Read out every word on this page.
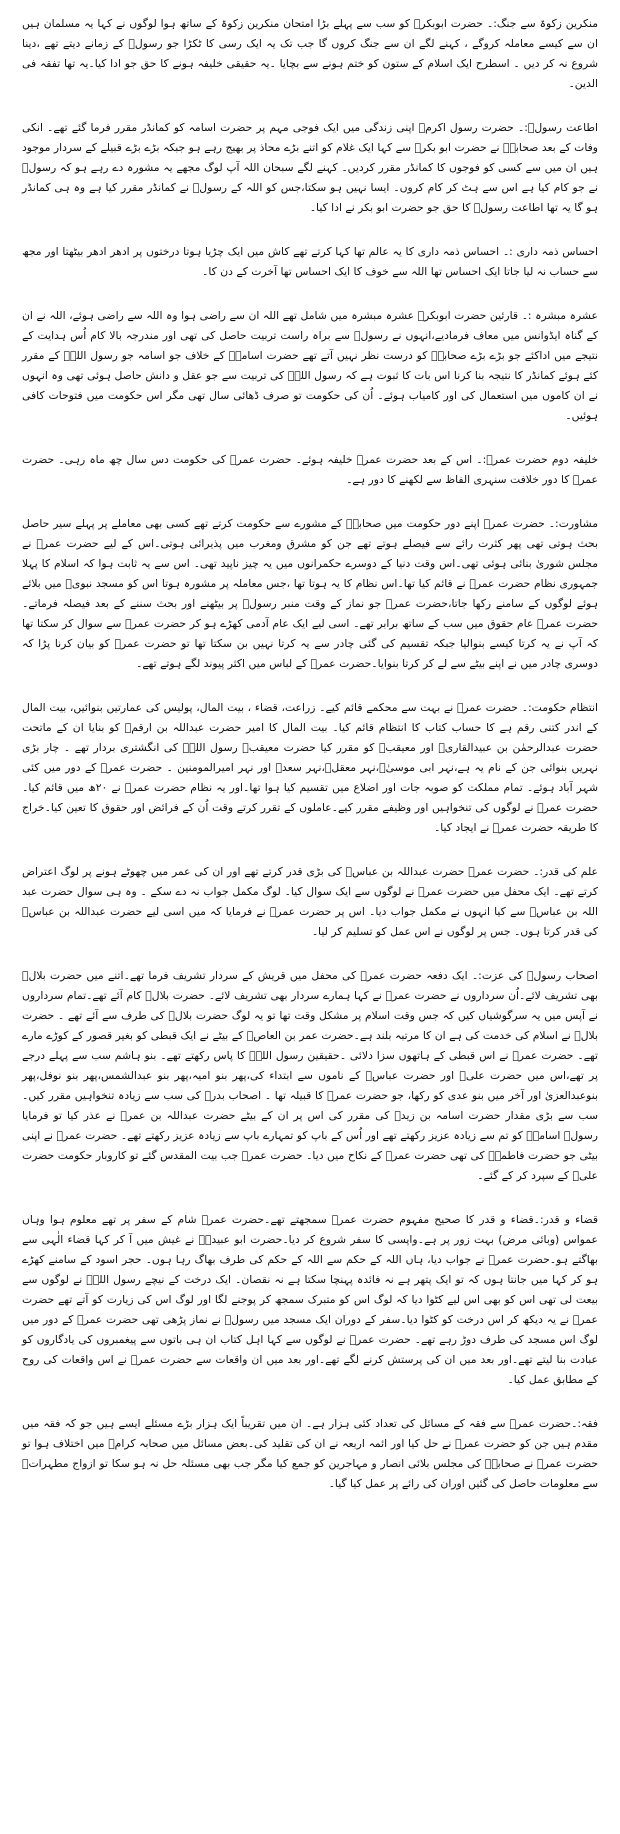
منکرین زکوۃ سے جنگ:۔ حضرت ابوبکرؓ کو سب سے پہلے بڑا امتحان منکرین زکوۃ کے ساتھ ہوا لوگوں نے کہا یہ مسلمان ہیں ان سے کیسے معاملہ کروگے ، کہنے لگے ان سے جنگ کروں گا جب تک یہ ایک رسی کا ٹکڑا جو رسولؐ کے زمانے دیتے تھے ،دینا شروع نہ کر دیں ۔ اسطرح ایک اسلام کے ستون کو ختم ہونے سے بچایا ۔یہ حقیقی خلیفہ ہونے کا حق جو ادا کیا۔یہ تھا تفقہ فی الدین۔

اطاعت رسولؐ:۔ حضرت رسول اکرمؐ اپنی زندگی میں ایک فوجی مہم پر حضرت اسامہ کو کمانڈر مقرر فرما گئے تھے۔ انکی وفات کے بعد صحابہؓ نے حضرت ابو بکرؓ سے کہا ایک غلام کو اتنے بڑے محاذ پر بھیج رہے ہو جبکہ بڑے بڑے قبیلے کے سردار موجود ہیں ان میں سے کسی کو فوجوں کا کمانڈر مقرر کردیں۔ کہنے لگے سبحان اللہ آپ لوگ مجھے یہ مشورہ دے رہے ہو کہ رسولؐ نے جو کام کیا ہے اس سے ہٹ کر کام کروں۔ ایسا نہیں ہو سکتا،جس کو اللہ کے رسولؐ نے کمانڈر مقرر کیا ہے وہ ہی کمانڈر ہو گا یہ تھا اطاعت رسولؐ کا حق جو حضرت ابو بکر نے ادا کیا۔

احساس ذمہ داری :۔ احساس ذمہ داری کا یہ عالم تھا کہا کرتے تھے کاش میں ایک چڑیا ہوتا درختوں پر ادھر ادھر بیٹھتا اور مجھ سے حساب نہ لیا جاتا ایک احساس تھا اللہ سے خوف کا ایک احساس تھا آخرت کے دن کا۔

عشرہ مبشرہ :۔ قارئین حضرت ابوبکرؓ عشرہ مبشرہ میں شامل تھے اللہ ان سے راضی ہوا وہ اللہ سے راضی ہوئے، اللہ نے ان کے گناہ ایڈوانس میں معاف فرمادیے،انہوں نے رسولؐ سے براہ راست تربیت حاصل کی تھی اور مندرجہ بالا کام اُس ہدایت کے نتیجے میں اداکئے جو بڑے بڑے صحابہؓ کو درست نظر نہیں آتے تھے حضرت اسامہؓ کے خلاف جو اسامہ جو رسول اللہؐ کے مقرر کئے ہوئے کمانڈر کا نتیجہ بنا کرنا اس بات کا ثبوت ہے کہ رسول اللہؐ کی تربیت سے جو عقل و دانش حاصل ہوئی تھی وہ انہوں نے ان کاموں میں استعمال کی اور کامیاب ہوئے۔ اُن کی حکومت تو صرف ڈھائی سال تھی مگر اس حکومت میں فتوحات کافی ہوئیں۔

خلیفہ دوم حضرت عمرؓ:۔ اس کے بعد حضرت عمرؓ خلیفہ ہوئے۔ حضرت عمرؓ کی حکومت دس سال چھ ماہ رہی۔ حضرت عمرؓ کا دور خلافت سنہری الفاظ سے لکھنے کا دور ہے۔

مشاورت:۔ حضرت عمرؓ اپنے دور حکومت میں صحابہؓ کے مشورے سے حکومت کرتے تھے کسی بھی معاملے پر پہلے سیر حاصل بحث ہوتی تھی پھر کثرت رائے سے فیصلے ہوتے تھے جن کو مشرق ومغرب میں پذیرائی ہوتی۔اس کے لیے حضرت عمرؓ نے مجلس شوریٰ بنائی ہوئی تھی۔اس وقت دنیا کے دوسرے حکمرانوں میں یہ چیز ناپید تھی۔ اس سے یہ ثابت ہوا کہ اسلام کا پہلا جمہوری نظام حضرت عمرؓ نے قائم کیا تھا۔اس نظام کا یہ ہوتا تھا ،جس معاملہ پر مشورہ ہوتا اس کو مسجد نبویؐ میں بلائے ہوئے لوگوں کے سامنے رکھا جاتا،حضرت عمرؓ جو نماز کے وقت منبر رسولؐ پر بیٹھنے اور بحث سننے کے بعد فیصلہ فرماتے۔ حضرت عمرؓ عام حقوق میں سب کے ساتھ برابر تھے۔ اسی لیے ایک عام آدمی کھڑے ہو کر حضرت عمرؓ سے سوال کر سکتا تھا کہ آپ نے یہ کرتا کیسے بنوالیا جبکہ تقسیم کی گئی چادر سے یہ کرتا نہیں بن سکتا تھا تو حضرت عمرؓ کو بیان کرنا پڑا کہ دوسری چادر میں نے اپنے بیٹے سے لے کر کرتا بنوایا۔حضرت عمرؓ کے لباس میں اکثر پیوند لگے ہوتے تھے۔

انتظام حکومت:۔ حضرت عمرؓ نے بہت سے محکمے قائم کیے۔ زراعت، قضاء ، بیت المال، پولیس کی عمارتیں بنوائیں، بیت المال کے اندر کتنی رقم ہے کا حساب کتاب کا انتظام قائم کیا۔ بیت المال کا امیر حضرت عبداللہ بن ارقمؓ کو بنایا ان کے ماتحت حضرت عبدالرحمٰن بن عبیدالقاریؓ اور معیقبؓ کو مقرر کیا حضرت معیقبؓ رسول اللہؐ کی انگشتری بردار تھے ۔ چار بڑی نہریں بنوائی جن کے نام یہ ہے،نہر ابی موسیٰؓ،نہر معقلؓ،نہر سعدؓ اور نہر امیرالمومنین ۔ حضرت عمرؓ کے دور میں کئی شہر آباد ہوئے۔ تمام مملکت کو صوبہ جات اور اضلاع میں تقسیم کیا ہوا تھا۔اور یہ نظام حضرت عمرؓ نے ۲۰ھ میں قائم کیا۔ حضرت عمرؓ نے لوگوں کی تنخواہیں اور وظیفے مقرر کیے۔عاملوں کے تقرر کرتے وقت اُن کے فرائض اور حقوق کا تعین کیا۔خراج کا طریقہ حضرت عمرؓ نے ایجاد کیا۔

علم کی قدر:۔ حضرت عمرؓ حضرت عبداللہ بن عباسؓ کی بڑی قدر کرتے تھے اور ان کی عمر میں چھوٹے ہونے پر لوگ اعتراض کرتے تھے۔ ایک محفل میں حضرت عمرؓ نے لوگوں سے ایک سوال کیا۔ لوگ مکمل جواب نہ دے سکے ۔ وہ ہی سوال حضرت عبد اللہ بن عباسؓ سے کیا انہوں نے مکمل جواب دیا۔ اس پر حضرت عمرؓ نے فرمایا کہ میں اسی لیے حضرت عبداللہ بن عباسؓ کی قدر کرتا ہوں۔ جس پر لوگوں نے اس عمل کو تسلیم کر لیا۔

اصحاب رسولؐ کی عزت:۔ ایک دفعہ حضرت عمرؓ کی محفل میں قریش کے سردار تشریف فرما تھے۔اتنے میں حضرت بلالؓ بھی تشریف لائے۔اُن سرداروں نے حضرت عمرؓ نے کہا ہمارے سردار بھی تشریف لائے۔ حضرت بلالؓ کام آئے تھے۔تمام سرداروں نے آپس میں یہ سرگوشیاں کیں کہ جس وقت اسلام پر مشکل وقت تھا تو یہ لوگ حضرت بلالؓ کی طرف سے آئے تھے ۔ حضرت بلالؓ نے اسلام کی خدمت کی ہے ان کا مرتبہ بلند ہے۔حضرت عمر بن العاصؓ کے بیٹے نے ایک قبطی کو بغیر قصور کے کوڑے مارے تھے۔ حضرت عمرؓ نے اس قبطی کے ہاتھوں سزا دلائی ۔حقیقین رسول اللہؐ کا پاس رکھتے تھے۔ بنو ہاشم سب سے پہلے درجے پر تھے،اس میں حضرت علیؓ اور حضرت عباسؓ کے ناموں سے ابتداء کی،پھر بنو امیہ،پھر بنو عبدالشمس،پھر بنو نوفل،پھر بنوعبدالعزیٰ اور آخر میں بنو عدی کو رکھا، جو حضرت عمرؓ کا قبیلہ تھا ۔ اصحاب بدرؓ کی سب سے زیادہ تنخواہیں مقرر کیں۔سب سے بڑی مقدار حضرت اسامہ بن زیدؓ کی مقرر کی اس پر ان کے بیٹے حضرت عبداللہ بن عمرؓ نے عذر کیا تو فرمایا رسولؐ اسامہؓ کو تم سے زیادہ عزیز رکھتے تھے اور اُس کے باپ کو تمہارے باپ سے زیادہ عزیز رکھتے تھے۔ حضرت عمرؓ نے اپنی بیٹی جو حضرت فاطمہؓ کی تھی حضرت عمرؓ کے نکاح میں دیا۔ حضرت عمرؓ جب بیت المقدس گئے تو کاروبار حکومت حضرت علیؓ کے سپرد کر کے گئے۔

قضاء و قدر:۔قضاء و قدر کا صحیح مفہوم حضرت عمرؓ سمجھتے تھے۔حضرت عمرؓ شام کے سفر پر تھے معلوم ہوا وہاں عمواس (وبائی مرض) بہت زور پر ہے۔واپسی کا سفر شروع کر دیا۔حضرت ابو عبیدہؓ نے غیش میں آ کر کہا قضاء الٰہی سے بھاگتے ہو۔حضرت عمرؓ نے جواب دیا، ہاں اللہ کے حکم سے اللہ کے حکم کی طرف بھاگ رہا ہوں۔ حجر اسود کے سامنے کھڑے ہو کر کہا میں جانتا ہوں کہ تو ایک پتھر ہے نہ فائدہ پہنچا سکتا ہے نہ نقصان۔ ایک درخت کے نیچے رسول اللہؐ نے لوگوں سے بیعت لی تھی اس کو بھی اس لیے کٹوا دیا کہ لوگ اس کو متبرک سمجھ کر پوجنے لگا اور لوگ اس کی زیارت کو آتے تھے حضرت عمرؓ نے یہ دیکھ کر اس درخت کو کٹوا دیا۔سفر کے دوران ایک مسجد میں رسولؐ نے نماز پڑھی تھی حضرت عمرؓ کے دور میں لوگ اس مسجد کی طرف دوڑ رہے تھے۔ حضرت عمرؓ نے لوگوں سے کہا اہل کتاب ان ہی باتوں سے پیغمبروں کی یادگاروں کو عبادت بنا لیتے تھے۔اور بعد میں ان کی پرستش کرنے لگے تھے۔اور بعد میں ان واقعات سے حضرت عمرؓ نے اس واقعات کی روح کے مطابق عمل کیا۔

فقہ:۔حضرت عمرؓ سے فقہ کے مسائل کی تعداد کئی ہزار ہے۔ ان میں تقریباً ایک ہزار بڑے مسئلے ایسے ہیں جو کہ فقہ میں مقدم ہیں جن کو حضرت عمرؓ نے حل کیا اور ائمہ اربعہ نے ان کی تقلید کی۔بعض مسائل میں صحابہ کرامؓ میں اختلاف ہوا تو حضرت عمرؓ نے صحابہؓ کی مجلس بلائی انصار و مہاجرین کو جمع کیا مگر جب بھی مسئلہ حل نہ ہو سکا تو ازواج مطہراتؓ سے معلومات حاصل کی گئیں اوران کی رائے پر عمل کیا گیا۔
